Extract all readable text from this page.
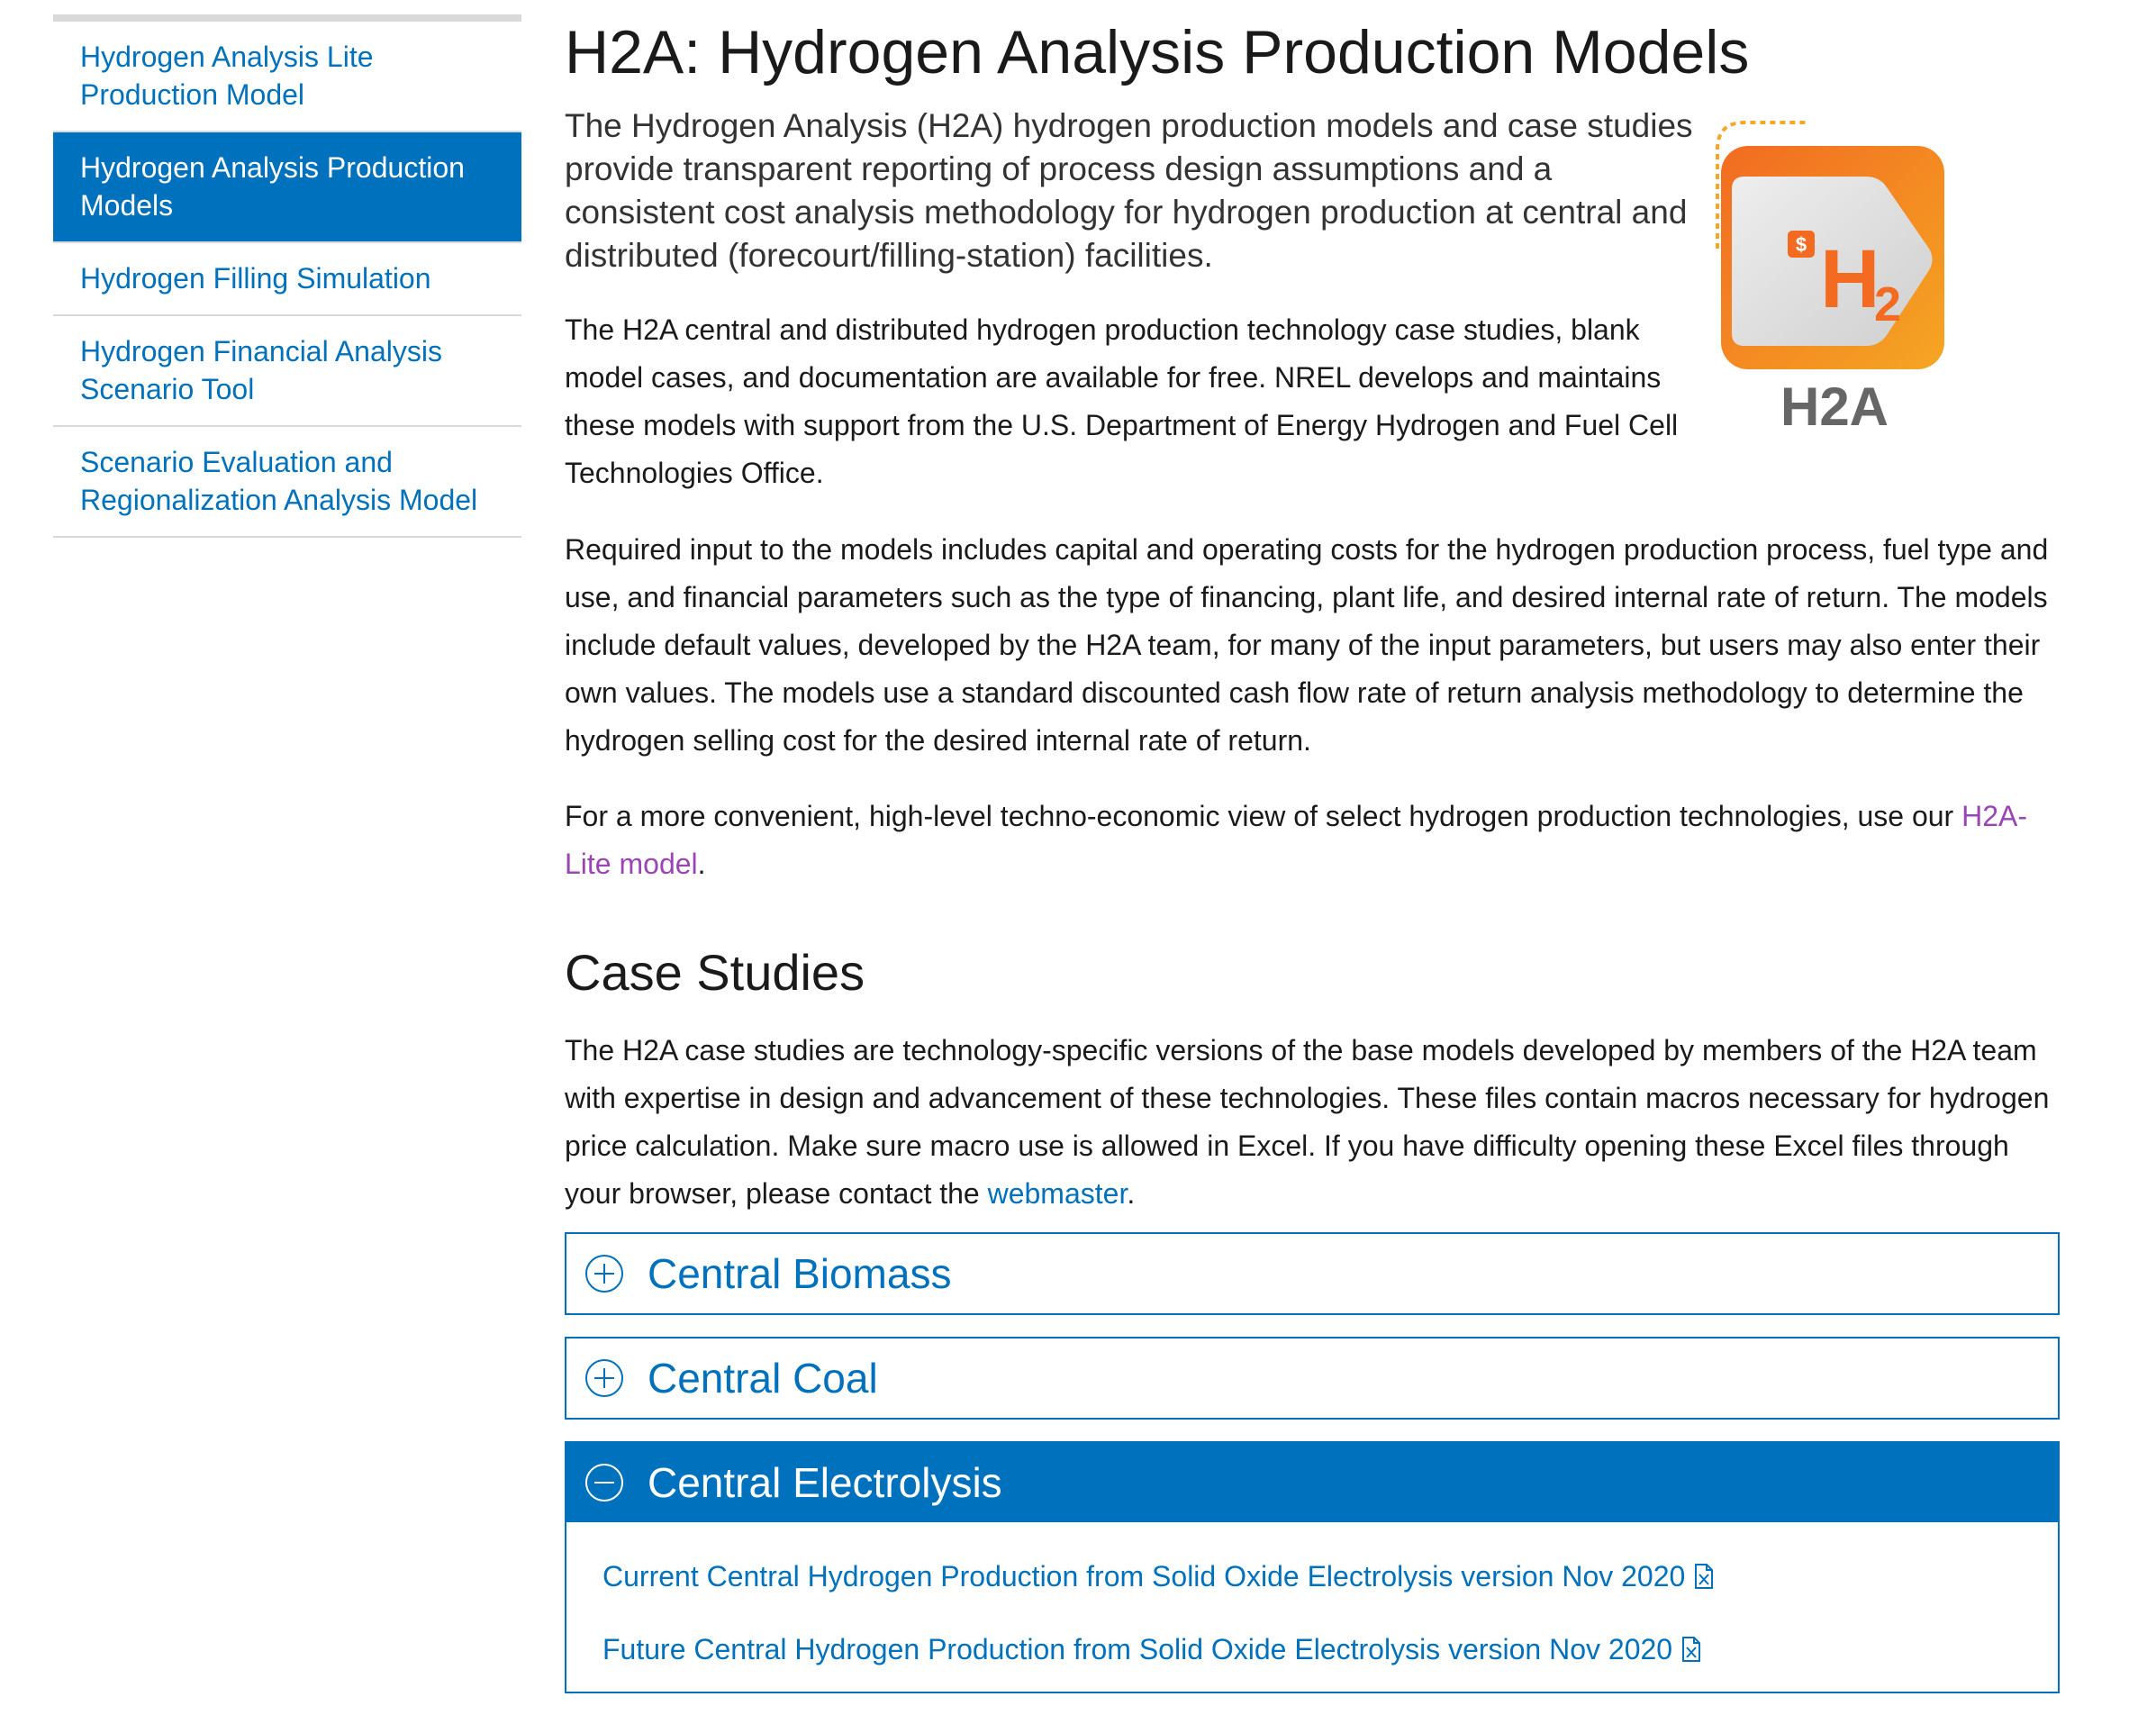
Hydrogen Analysis Lite Production Model
Hydrogen Analysis Production Models
Hydrogen Filling Simulation
Hydrogen Financial Analysis Scenario Tool
Scenario Evaluation and Regionalization Analysis Model
H2A: Hydrogen Analysis Production Models

The Hydrogen Analysis (H2A) hydrogen production models and case studies provide transparent reporting of process design assumptions and a consistent cost analysis methodology for hydrogen production at central and distributed (forecourt/filling-station) facilities.	$ H
2
H2A

The H2A central and distributed hydrogen production technology case studies, blank model cases, and documentation are available for free. NREL develops and maintains these models with support from the U.S. Department of Energy Hydrogen and Fuel Cell Technologies Office.

Required input to the models includes capital and operating costs for the hydrogen production process, fuel type and use, and financial parameters such as the type of financing, plant life, and desired internal rate of return. The models include default values, developed by the H2A team, for many of the input parameters, but users may also enter their own values. The models use a standard discounted cash flow rate of return analysis methodology to determine the hydrogen selling cost for the desired internal rate of return.

For a more convenient, high-level techno-economic view of select hydrogen production technologies, use our H2A-Lite model.

Case Studies

The H2A case studies are technology-specific versions of the base models developed by members of the H2A team with expertise in design and advancement of these technologies. These files contain macros necessary for hydrogen price calculation. Make sure macro use is allowed in Excel. If you have difficulty opening these Excel files through your browser, please contact the webmaster.

Central Biomass
Central Coal
Central Electrolysis
Current Central Hydrogen Production from Solid Oxide Electrolysis version Nov 2020
Future Central Hydrogen Production from Solid Oxide Electrolysis version Nov 2020
